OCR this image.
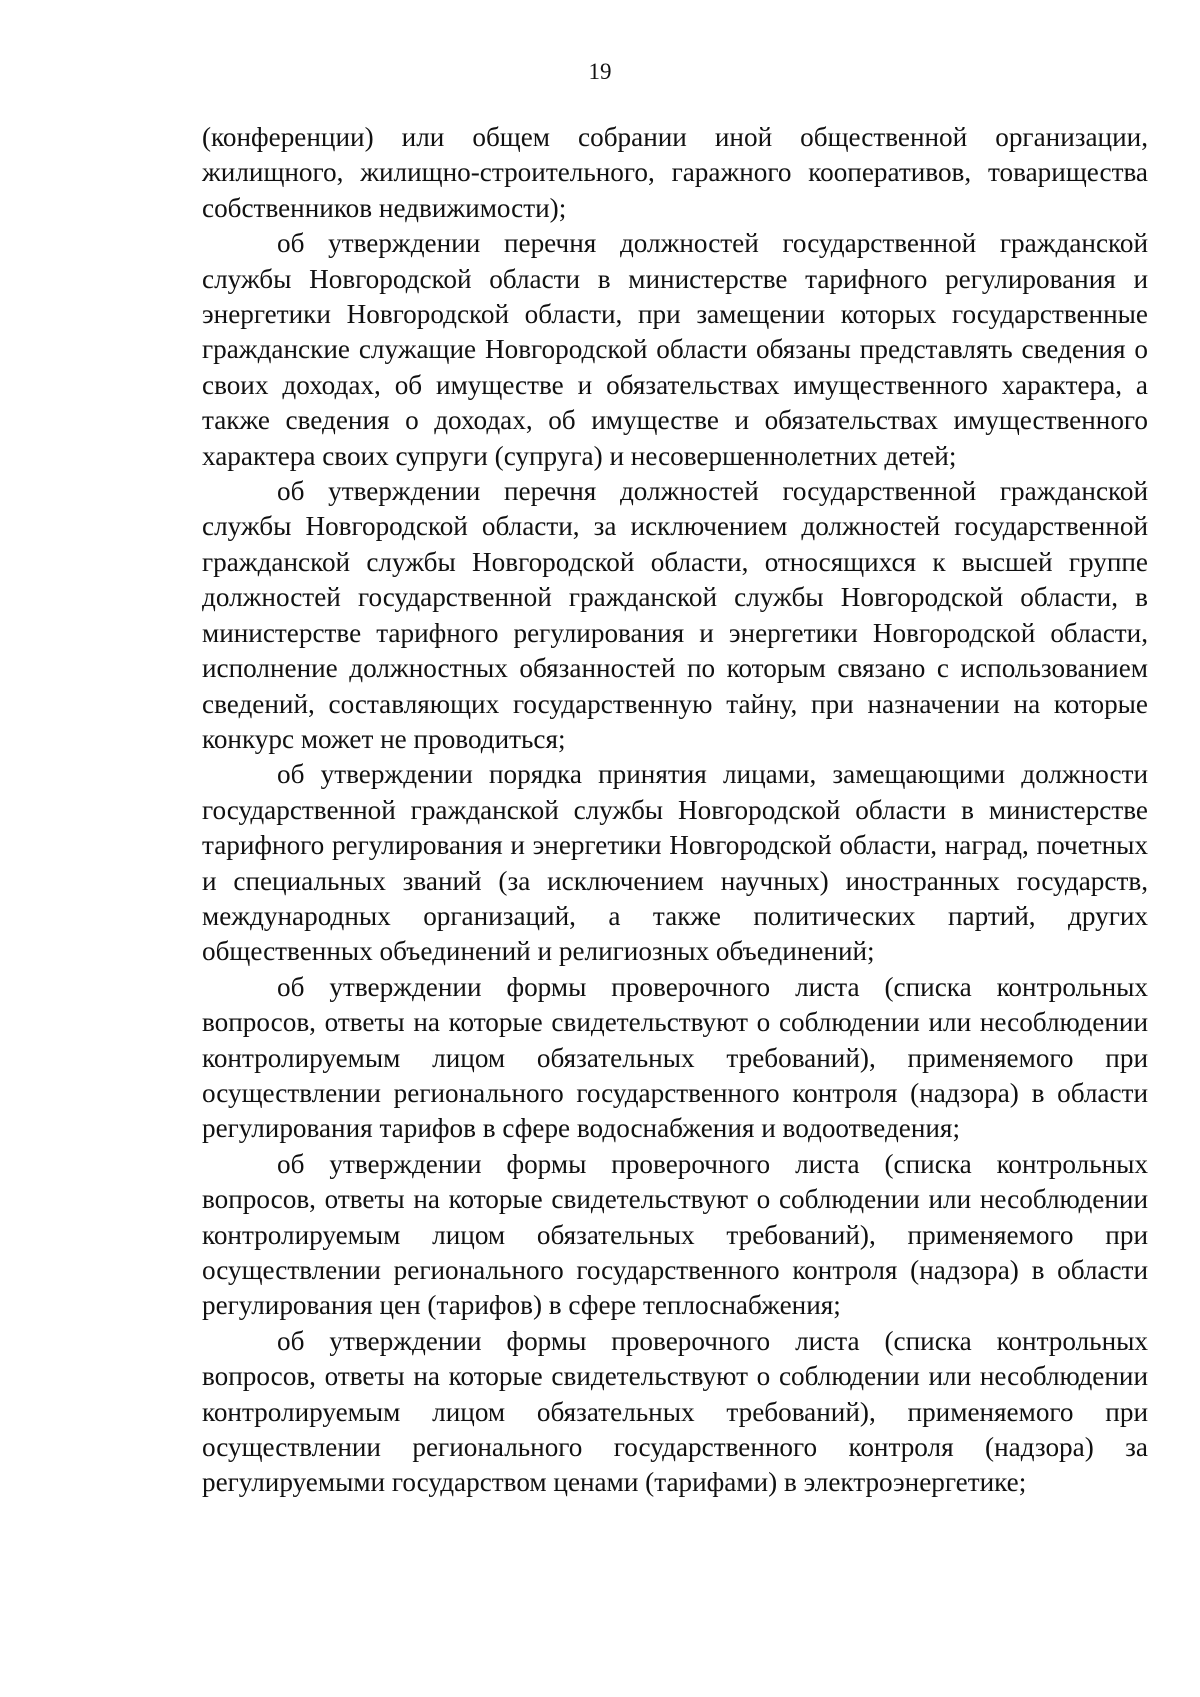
19

(конференции) или общем собрании иной общественной организации, жилищного, жилищно-строительного, гаражного кооперативов, товарищества собственников недвижимости);

об утверждении перечня должностей государственной гражданской службы Новгородской области в министерстве тарифного регулирования и энергетики Новгородской области, при замещении которых государственные гражданские служащие Новгородской области обязаны представлять сведения о своих доходах, об имуществе и обязательствах имущественного характера, а также сведения о доходах, об имуществе и обязательствах имущественного характера своих супруги (супруга) и несовершеннолетних детей;

об утверждении перечня должностей государственной гражданской службы Новгородской области, за исключением должностей государственной гражданской службы Новгородской области, относящихся к высшей группе должностей государственной гражданской службы Новгородской области, в министерстве тарифного регулирования и энергетики Новгородской области, исполнение должностных обязанностей по которым связано с использованием сведений, составляющих государственную тайну, при назначении на которые конкурс может не проводиться;

об утверждении порядка принятия лицами, замещающими должности государственной гражданской службы Новгородской области в министерстве тарифного регулирования и энергетики Новгородской области, наград, почетных и специальных званий (за исключением научных) иностранных государств, международных организаций, а также политических партий, других общественных объединений и религиозных объединений;

об утверждении формы проверочного листа (списка контрольных вопросов, ответы на которые свидетельствуют о соблюдении или несоблюдении контролируемым лицом обязательных требований), применяемого при осуществлении регионального государственного контроля (надзора) в области регулирования тарифов в сфере водоснабжения и водоотведения;

об утверждении формы проверочного листа (списка контрольных вопросов, ответы на которые свидетельствуют о соблюдении или несоблюдении контролируемым лицом обязательных требований), применяемого при осуществлении регионального государственного контроля (надзора) в области регулирования цен (тарифов) в сфере теплоснабжения;

об утверждении формы проверочного листа (списка контрольных вопросов, ответы на которые свидетельствуют о соблюдении или несоблюдении контролируемым лицом обязательных требований), применяемого при осуществлении регионального государственного контроля (надзора) за регулируемыми государством ценами (тарифами) в электроэнергетике;
